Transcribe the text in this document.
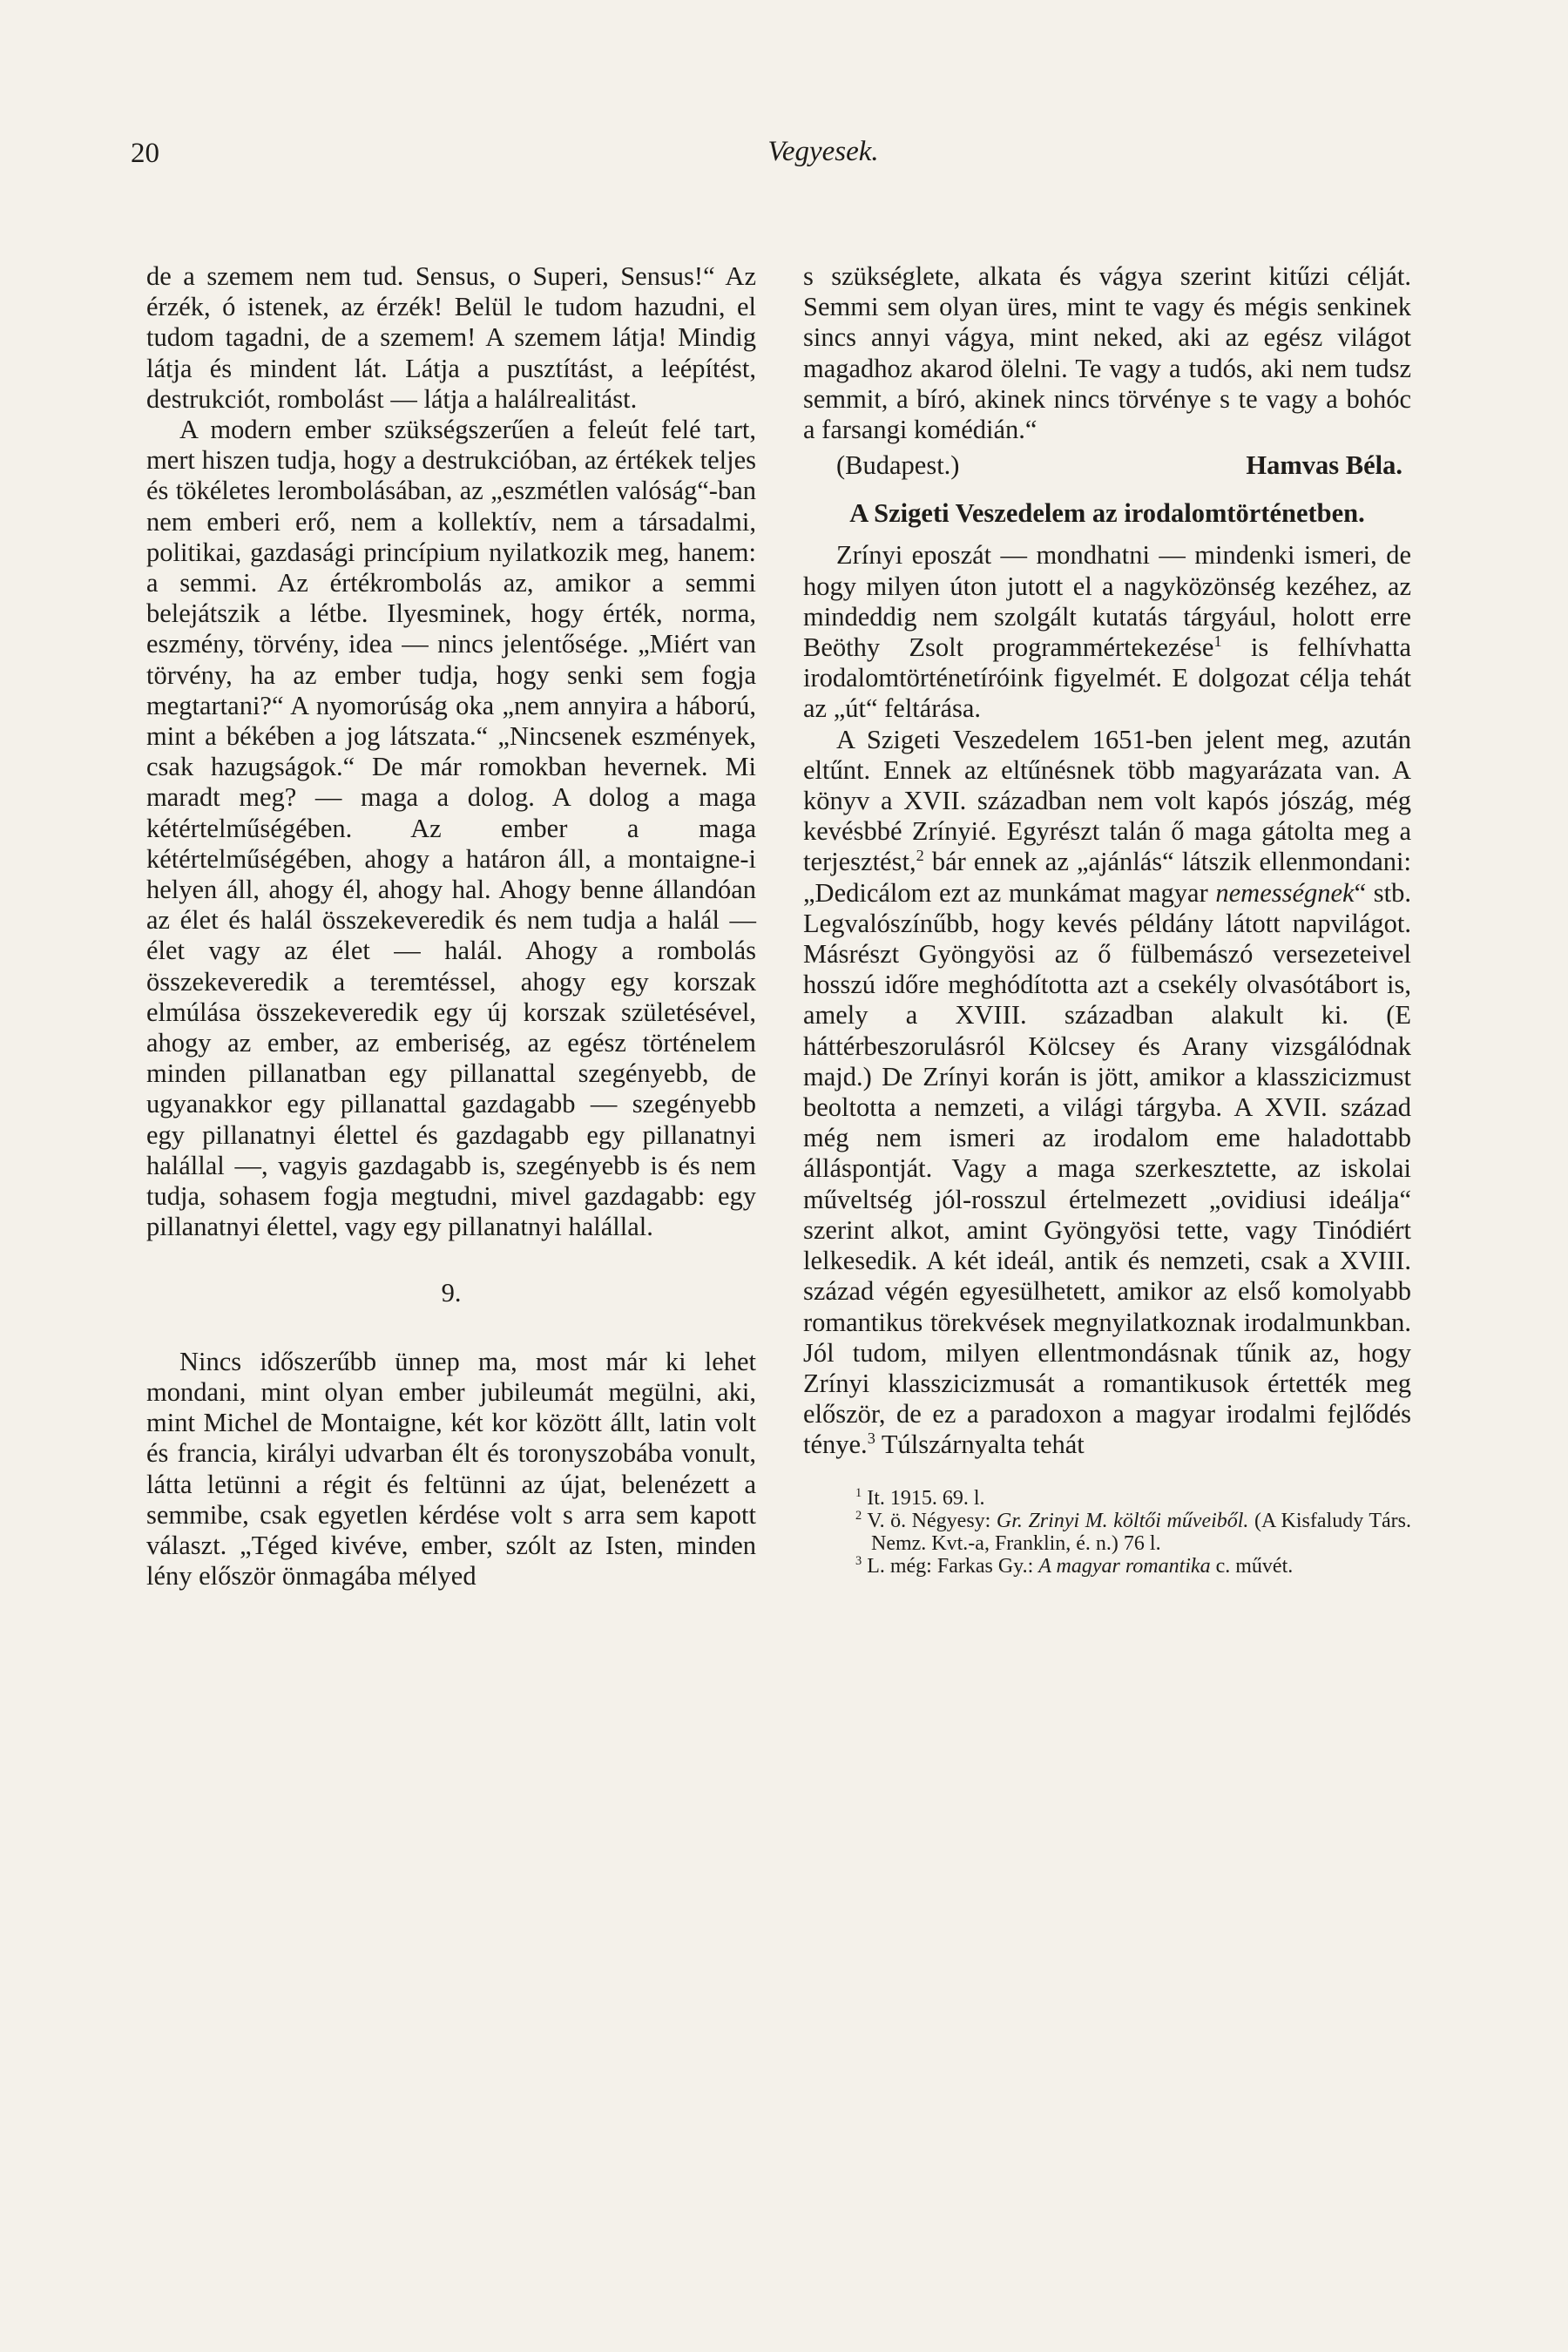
20	Vegyesek.

de a szemem nem tud. Sensus, o Superi, Sensus!“ Az érzék, ó istenek, az érzék! Belül le tudom hazudni, el tudom tagadni, de a szemem! A szemem látja! Mindig látja és mindent lát. Látja a pusztítást, a leépítést, destrukciót, rombolást — látja a halálrealitást.

A modern ember szükségszerűen a feleút felé tart, mert hiszen tudja, hogy a destrukcióban, az értékek teljes és tökéletes lerombolásában, az „eszmétlen valóság“-ban nem emberi erő, nem a kollektív, nem a társadalmi, politikai, gazdasági princípium nyilatkozik meg, hanem: a semmi. Az értékrombolás az, amikor a semmi belejátszik a létbe. Ilyesminek, hogy érték, norma, eszmény, törvény, idea — nincs jelentősége. „Miért van törvény, ha az ember tudja, hogy senki sem fogja megtartani?“ A nyomorúság oka „nem annyira a háború, mint a békében a jog látszata.“ „Nincsenek eszmények, csak hazugságok.“ De már romokban hevernek. Mi maradt meg? — maga a dolog. A dolog a maga kétértelműségében. Az ember a maga kétértelműségében, ahogy a határon áll, a montaigne-i helyen áll, ahogy él, ahogy hal. Ahogy benne állandóan az élet és halál összekeveredik és nem tudja a halál — élet vagy az élet — halál. Ahogy a rombolás összekeveredik a teremtéssel, ahogy egy korszak elmúlása összekeveredik egy új korszak születésével, ahogy az ember, az emberiség, az egész történelem minden pillanatban egy pillanattal szegényebb, de ugyanakkor egy pillanattal gazdagabb — szegényebb egy pillanatnyi élettel és gazdagabb egy pillanatnyi halállal —, vagyis gazdagabb is, szegényebb is és nem tudja, sohasem fogja megtudni, mivel gazdagabb: egy pillanatnyi élettel, vagy egy pillanatnyi halállal.

9.

Nincs időszerűbb ünnep ma, most már ki lehet mondani, mint olyan ember jubileumát megülni, aki, mint Michel de Montaigne, két kor között állt, latin volt és francia, királyi udvarban élt és toronyszobába vonult, látta letünni a régit és feltünni az újat, belenézett a semmibe, csak egyetlen kérdése volt s arra sem kapott választ. „Téged kivéve, ember, szólt az Isten, minden lény először önmagába mélyed

s szükséglete, alkata és vágya szerint kitűzi célját. Semmi sem olyan üres, mint te vagy és mégis senkinek sincs annyi vágya, mint neked, aki az egész világot magadhoz akarod ölelni. Te vagy a tudós, aki nem tudsz semmit, a bíró, akinek nincs törvénye s te vagy a bohóc a farsangi komédián.“

(Budapest.)	Hamvas Béla.

A Szigeti Veszedelem az irodalomtörténetben.

Zrínyi eposzát — mondhatni — mindenki ismeri, de hogy milyen úton jutott el a nagyközönség kezéhez, az mindeddig nem szolgált kutatás tárgyául, holott erre Beöthy Zsolt programmértekezése$^1$ is felhívhatta irodalomtörténetíróink figyelmét. E dolgozat célja tehát az „út“ feltárása.

A Szigeti Veszedelem 1651-ben jelent meg, azután eltűnt. Ennek az eltűnésnek több magyarázata van. A könyv a XVII. században nem volt kapós jószág, még kevésbbé Zrínyié. Egyrészt talán ő maga gátolta meg a terjesztést,$^2$ bár ennek az „ajánlás“ látszik ellenmondani: „Dedicálom ezt az munkámat magyar nemességnek“ stb. Legvalószínűbb, hogy kevés példány látott napvilágot. Másrészt Gyöngyösi az ő fülbemászó versezeteivel hosszú időre meghódította azt a csekély olvasótábort is, amely a XVIII. században alakult ki. (E háttérbeszorulásról Kölcsey és Arany vizsgálódnak majd.) De Zrínyi korán is jött, amikor a klasszicizmust beoltotta a nemzeti, a világi tárgyba. A XVII. század még nem ismeri az irodalom eme haladottabb álláspontját. Vagy a maga szerkesztette, az iskolai műveltség jól-rosszul értelmezett „ovidiusi ideálja“ szerint alkot, amint Gyöngyösi tette, vagy Tinódiért lelkesedik. A két ideál, antik és nemzeti, csak a XVIII. század végén egyesülhetett, amikor az első komolyabb romantikus törekvések megnyilatkoznak irodalmunkban. Jól tudom, milyen ellentmondásnak tűnik az, hogy Zrínyi klasszicizmusát a romantikusok értették meg először, de ez a paradoxon a magyar irodalmi fejlődés ténye.$^3$ Túlszárnyalta tehát

$^1$ It. 1915. 69. l.

$^2$ V. ö. Négyesy: Gr. Zrinyi M. költői műveiből. (A Kisfaludy Társ. Nemz. Kvt.-a, Franklin, é. n.) 76 l.

$^3$ L. még: Farkas Gy.: A magyar romantika c. művét.
